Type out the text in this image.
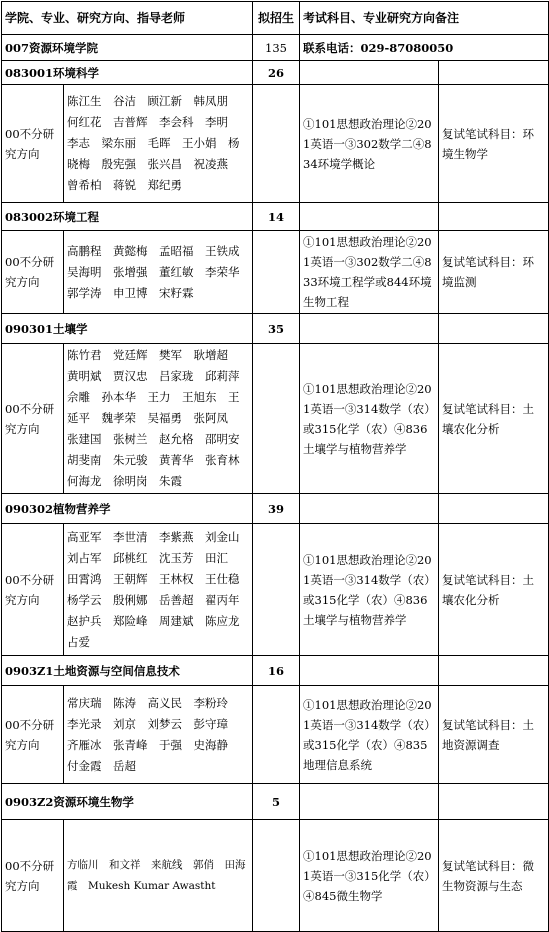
学院、专业、研究方向、指导老师		拟招生	考试科目、专业研究方向备注	
007资源环境学院		135	联系电话：029-87080050	
083001环境科学		26		
00不分研究方向	陈江生　谷洁　顾江新　韩凤朋　何红花　吉普辉　李会科　李明　李志　梁东丽　毛晖　王小娟　杨晓梅　殷宪强　张兴昌　祝凌燕　曾希柏　蒋锐　郑纪勇		①101思想政治理论②201英语一③302数学二④834环境学概论	复试笔试科目：环境生物学
083002环境工程		14		
00不分研究方向	高鹏程　黄懿梅　孟昭福　王铁成　吴海明　张增强　董红敏　李荣华　郭学涛　申卫博　宋籽霖		①101思想政治理论②201英语一③302数学二④833环境工程学或844环境生物工程	复试笔试科目：环境监测
090301土壤学		35		
00不分研究方向	陈竹君　党廷辉　樊军　耿增超　黄明斌　贾汉忠　吕家珑　邱莉萍　佘雕　孙本华　王力　王旭东　王延平　魏孝荣　吴福勇　张阿凤　张建国　张树兰　赵允格　邵明安　胡斐南　朱元骏　黄菁华　张育林　何海龙　徐明岗　朱霞		①101思想政治理论②201英语一③314数学（农）或315化学（农）④836土壤学与植物营养学	复试笔试科目：土壤农化分析
090302植物营养学		39		
00不分研究方向	高亚军　李世清　李紫燕　刘金山　刘占军　邱桃红　沈玉芳　田汇　田霄鸿　王朝辉　王林权　王仕稳　杨学云　殷俐娜　岳善超　翟丙年　赵护兵　郑险峰　周建斌　陈应龙　占爱		①101思想政治理论②201英语一③314数学（农）或315化学（农）④836土壤学与植物营养学	复试笔试科目：土壤农化分析
0903Z1土地资源与空间信息技术		16		
00不分研究方向	常庆瑞　陈涛　高义民　李粉玲　李光录　刘京　刘梦云　彭守璋　齐雁冰　张青峰　于强　史海静　付金霞　岳超		①101思想政治理论②201英语一③314数学（农）或315化学（农）④835地理信息系统	复试笔试科目：土地资源调查
0903Z2资源环境生物学		5		
00不分研究方向	方临川　和文祥　来航线　郭俏　田海霞　Mukesh Kumar Awastht		①101思想政治理论②201英语一③315化学（农）④845微生物学	复试笔试科目：微生物资源与生态
